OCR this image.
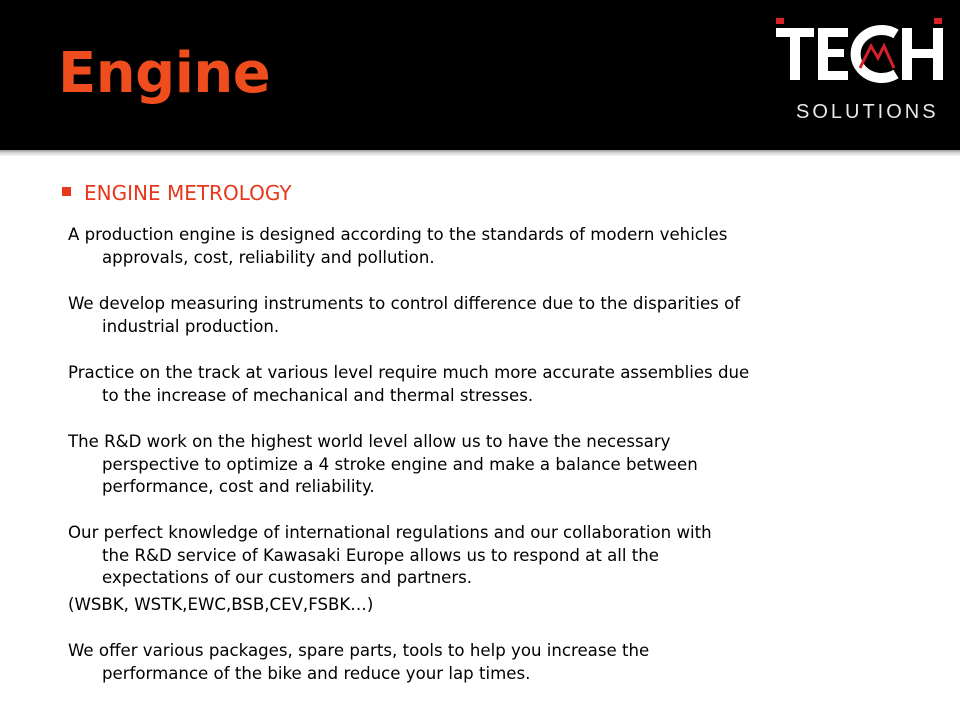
Engine
SOLUTIONS
ENGINE METROLOGY
A production engine is designed according to the standards of modern vehicles
approvals, cost, reliability and pollution.
We develop measuring instruments to control difference due to the disparities of
industrial production.
Practice on the track at various level require much more accurate assemblies due
to the increase of mechanical and thermal stresses.
The R&D work on the highest world level allow us to have the necessary
perspective to optimize a 4 stroke engine and make a balance between
performance, cost and reliability.
Our perfect knowledge of international regulations and our collaboration with
the R&D service of Kawasaki Europe allows us to respond at all the
expectations of our customers and partners.
(WSBK, WSTK,EWC,BSB,CEV,FSBK…)
We offer various packages, spare parts, tools to help you increase the
performance of the bike and reduce your lap times.
